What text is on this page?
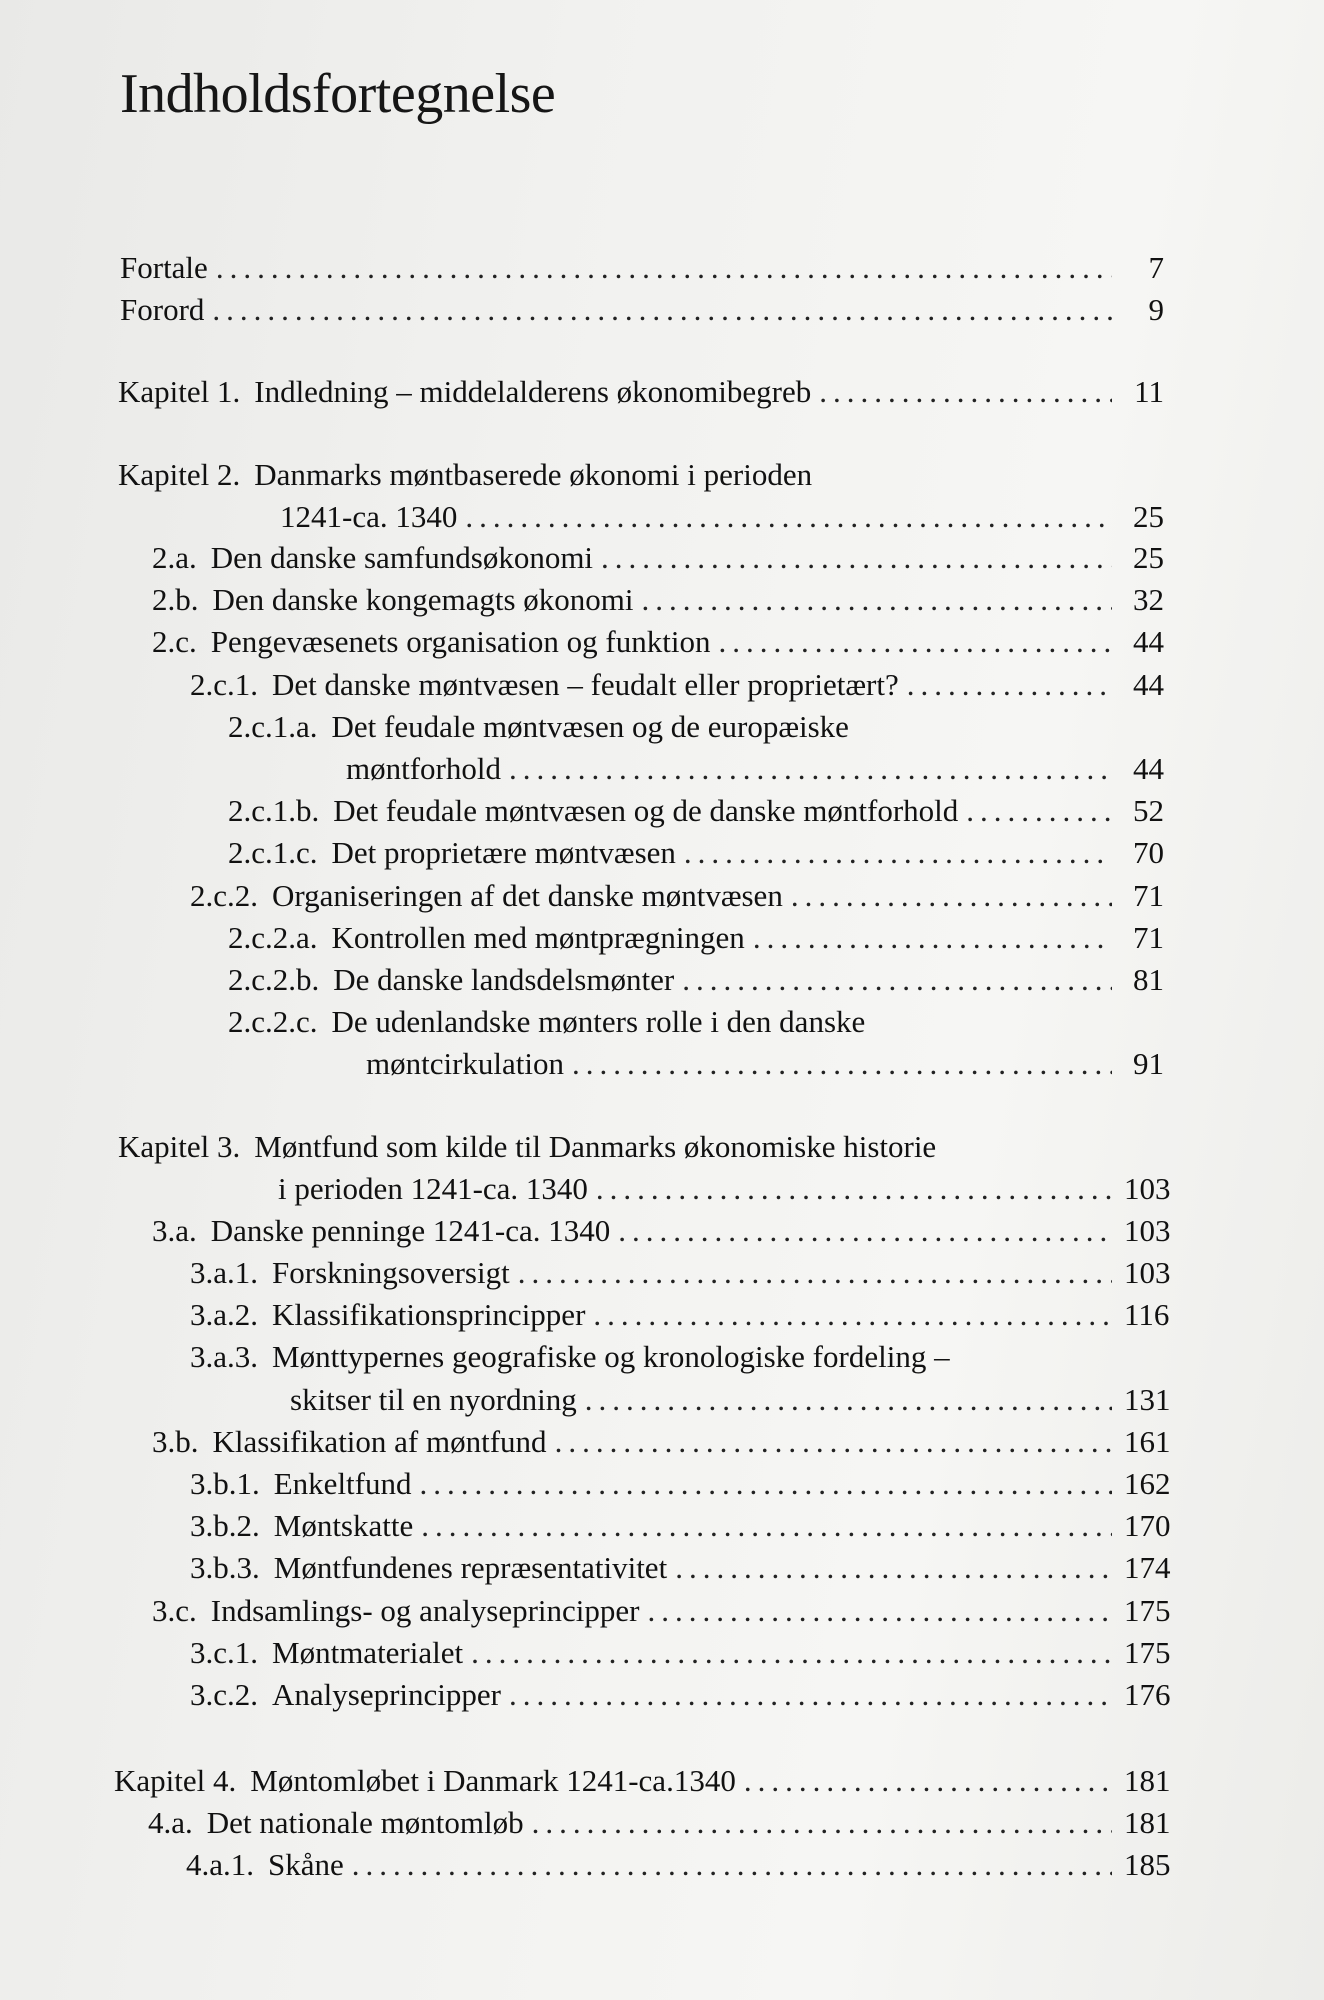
Indholdsfortegnelse
Fortale .....	7
Forord .....	9
Kapitel 1. Indledning – middelalderens økonomibegreb .....	11
Kapitel 2. Danmarks møntbaserede økonomi i perioden
1241-ca. 1340 .....	25
2.a. Den danske samfundsøkonomi .....	25
2.b. Den danske kongemagts økonomi .....	32
2.c. Pengevæsenets organisation og funktion .....	44
2.c.1. Det danske møntvæsen – feudalt eller proprietært? .....	44
2.c.1.a. Det feudale møntvæsen og de europæiske
møntforhold .....	44
2.c.1.b. Det feudale møntvæsen og de danske møntforhold .....	52
2.c.1.c. Det proprietære møntvæsen .....	70
2.c.2. Organiseringen af det danske møntvæsen .....	71
2.c.2.a. Kontrollen med møntprægningen .....	71
2.c.2.b. De danske landsdelsmønter .....	81
2.c.2.c. De udenlandske mønters rolle i den danske
møntcirkulation .....	91
Kapitel 3. Møntfund som kilde til Danmarks økonomiske historie
i perioden 1241-ca. 1340 .....	103
3.a. Danske penninge 1241-ca. 1340 .....	103
3.a.1. Forskningsoversigt .....	103
3.a.2. Klassifikationsprincipper .....	116
3.a.3. Mønttypernes geografiske og kronologiske fordeling –
skitser til en nyordning .....	131
3.b. Klassifikation af møntfund .....	161
3.b.1. Enkeltfund .....	162
3.b.2. Møntskatte .....	170
3.b.3. Møntfundenes repræsentativitet .....	174
3.c. Indsamlings- og analyseprincipper .....	175
3.c.1. Møntmaterialet .....	175
3.c.2. Analyseprincipper .....	176
Kapitel 4. Møntomløbet i Danmark 1241-ca.1340 .....	181
4.a. Det nationale møntomløb .....	181
4.a.1. Skåne .....	185
